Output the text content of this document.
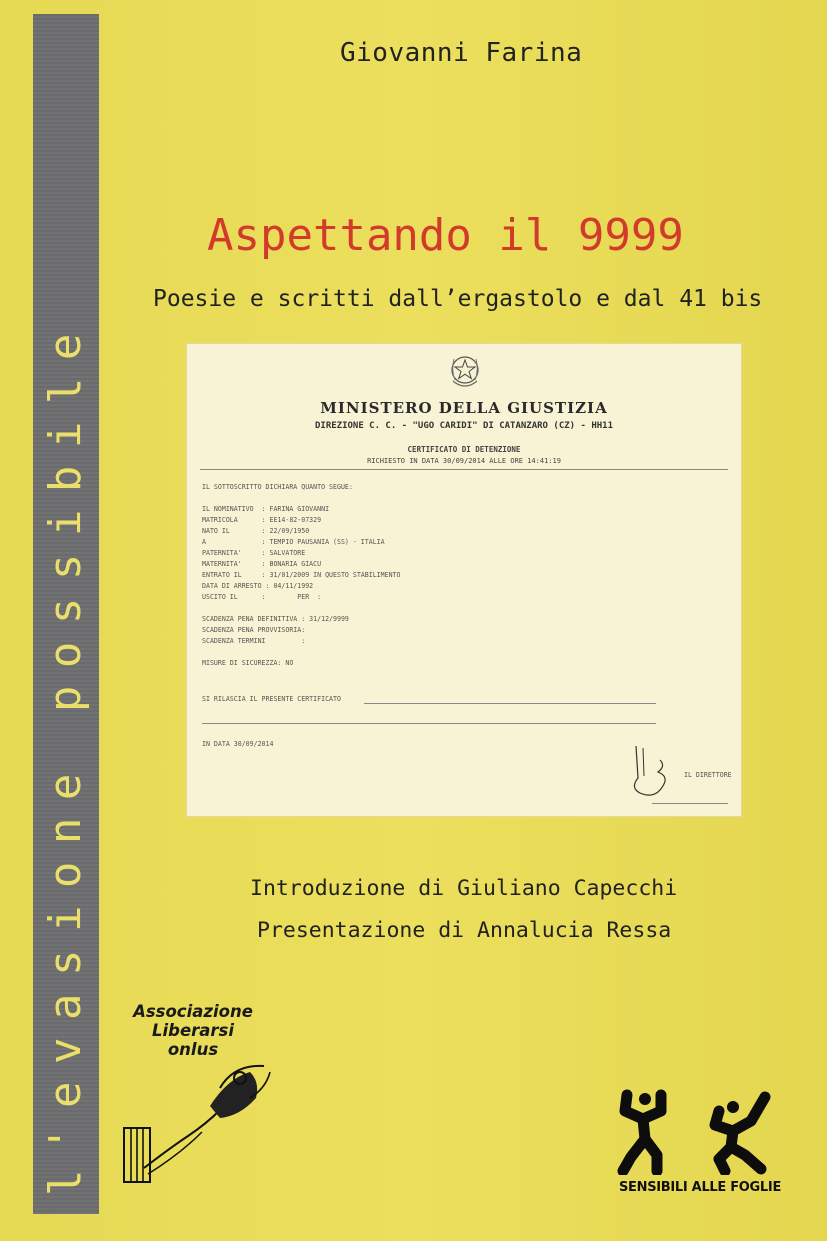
l'evasione possibile
Giovanni Farina
Aspettando il 9999
Poesie e scritti dall’ergastolo e dal 41 bis
MINISTERO DELLA GIUSTIZIA
DIREZIONE C. C. - "UGO CARIDI" DI CATANZARO (CZ) - HH11
CERTIFICATO DI DETENZIONE
RICHIESTO IN DATA 30/09/2014 ALLE ORE 14:41:19
IL SOTTOSCRITTO DICHIARA QUANTO SEGUE:
IL NOMINATIVO  : FARINA GIOVANNI
MATRICOLA      : EE14-82-07329
NATO IL        : 22/09/1950
A              : TEMPIO PAUSANIA (SS) - ITALIA
PATERNITA'     : SALVATORE
MATERNITA'     : BONARIA GIACU
ENTRATO IL     : 31/01/2009 IN QUESTO STABILIMENTO
DATA DI ARRESTO : 04/11/1992
USCITO IL      :        PER  :
SCADENZA PENA DEFINITIVA : 31/12/9999
SCADENZA PENA PROVVISORIA:
SCADENZA TERMINI         :
MISURE DI SICUREZZA: NO
SI RILASCIA IL PRESENTE CERTIFICATO
IN DATA 30/09/2014
IL DIRETTORE
Introduzione di Giuliano Capecchi
Presentazione di Annalucia Ressa
Associazione
Liberarsi
onlus
SENSIBILI ALLE FOGLIE
